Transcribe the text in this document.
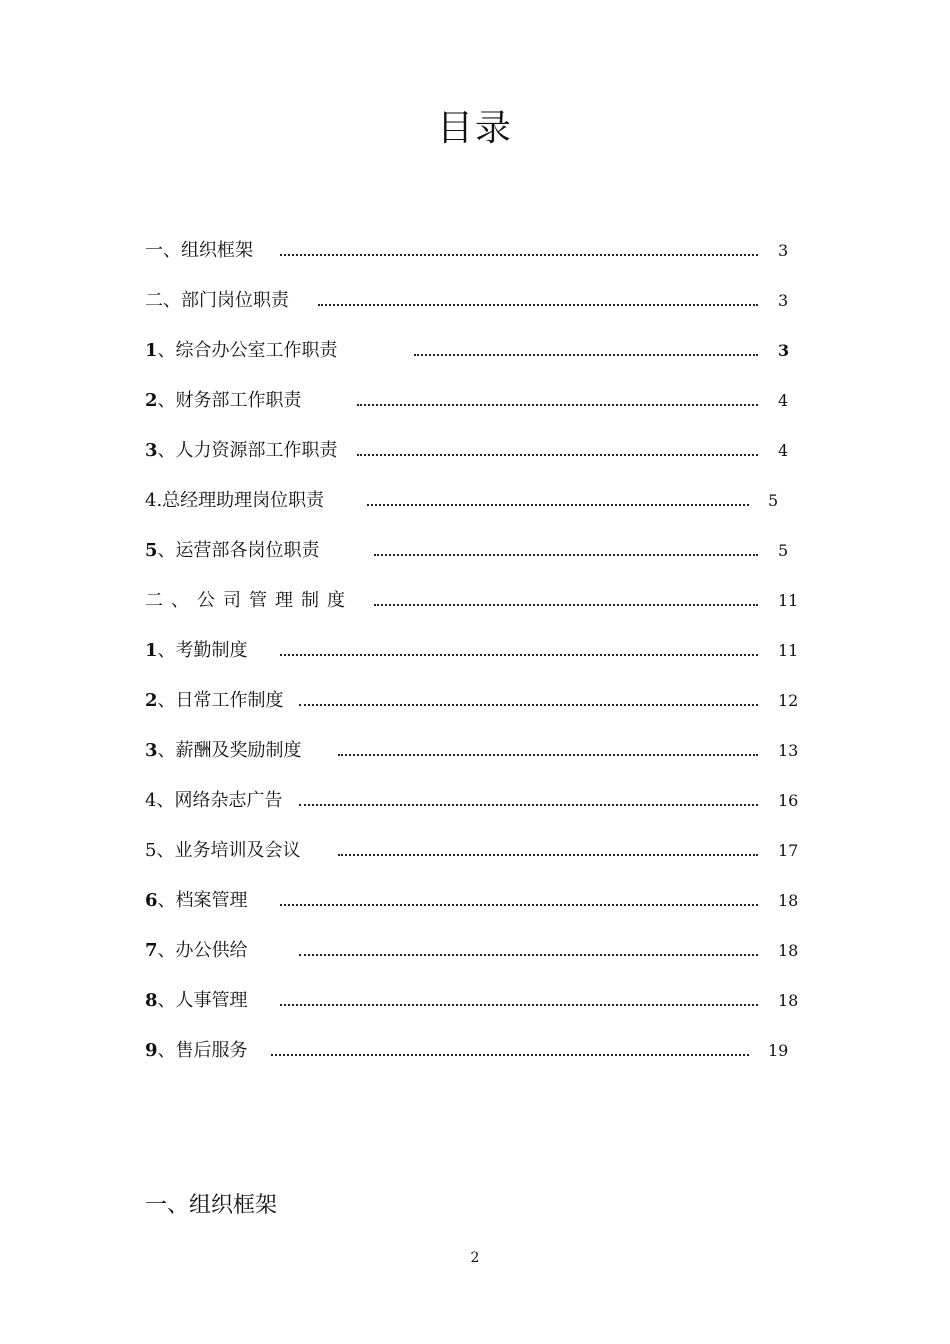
目录
一、组织框架	3
二、部门岗位职责	3
1、综合办公室工作职责	3
2、财务部工作职责	4
3、人力资源部工作职责	4
4.总经理助理岗位职责	5
5、运营部各岗位职责	5
二、公司管理制度	11
1、考勤制度	11
2、日常工作制度	12
3、薪酬及奖励制度	13
4、网络杂志广告	16
5、业务培训及会议	17
6、档案管理	18
7、办公供给	18
8、人事管理	18
9、售后服务	19
一、组织框架
2
